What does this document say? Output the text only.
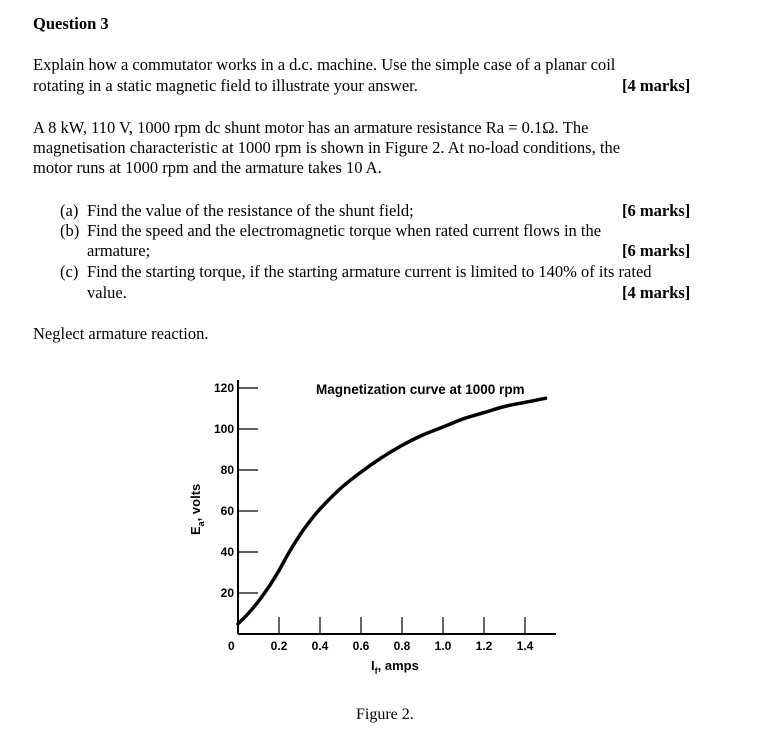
Question 3
Explain how a commutator works in a d.c. machine. Use the simple case of a planar coil
rotating in a static magnetic field to illustrate your answer.	[4 marks]
A 8 kW, 110 V, 1000 rpm dc shunt motor has an armature resistance Ra = 0.1Ω. The
magnetisation characteristic at 1000 rpm is shown in Figure 2. At no-load conditions, the
motor runs at 1000 rpm and the armature takes 10 A.
(a) Find the value of the resistance of the shunt field;	[6 marks]
(b) Find the speed and the electromagnetic torque when rated current flows in the
armature;	[6 marks]
(c) Find the starting torque, if the starting armature current is limited to 140% of its rated
value.	[4 marks]
Neglect armature reaction.
Magnetization curve at 1000 rpm
20
40
60
80
100
120
0.2 0.4 0.6 0.8 1.0 1.2 1.4
0
$I_f$, amps
$E_a$, volts
Figure 2.
